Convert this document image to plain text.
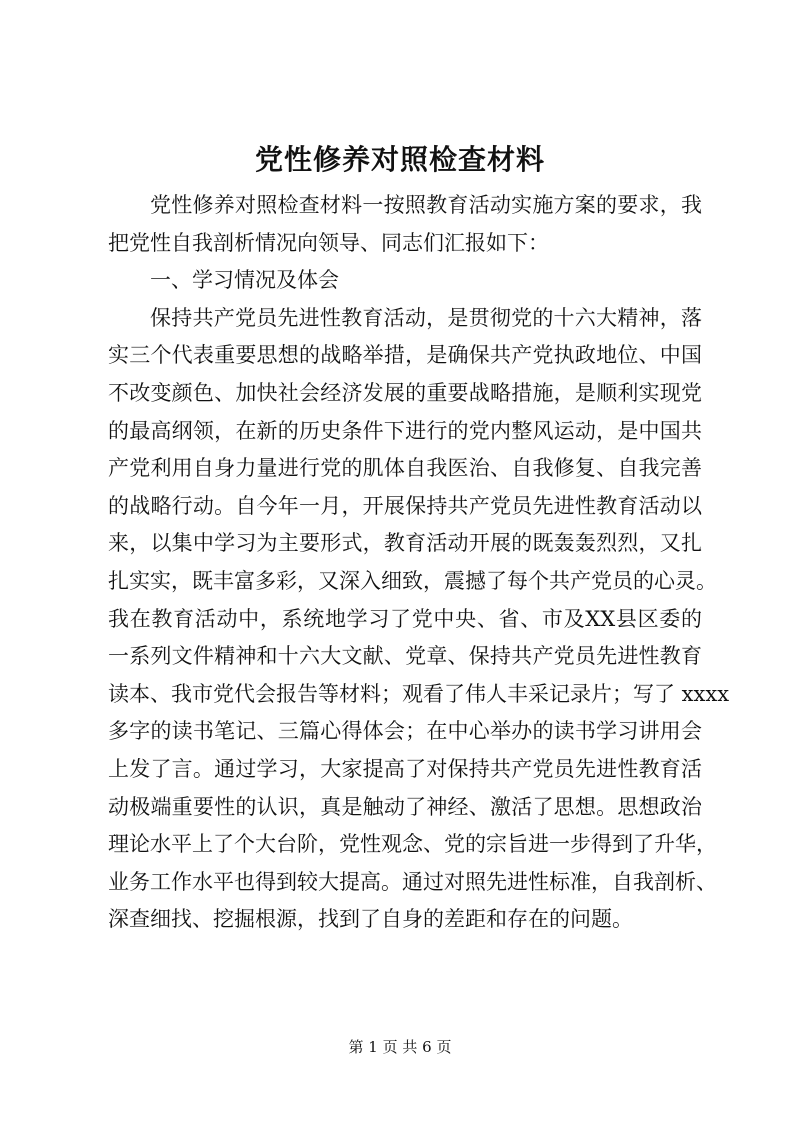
党性修养对照检查材料
党性修养对照检查材料一按照教育活动实施方案的要求，我
把党性自我剖析情况向领导、同志们汇报如下：
一、学习情况及体会
保持共产党员先进性教育活动，是贯彻党的十六大精神，落
实三个代表重要思想的战略举措，是确保共产党执政地位、中国
不改变颜色、加快社会经济发展的重要战略措施，是顺利实现党
的最高纲领，在新的历史条件下进行的党内整风运动，是中国共
产党利用自身力量进行党的肌体自我医治、自我修复、自我完善
的战略行动。自今年一月，开展保持共产党员先进性教育活动以
来，以集中学习为主要形式，教育活动开展的既轰轰烈烈，又扎
扎实实，既丰富多彩，又深入细致，震撼了每个共产党员的心灵。
我在教育活动中，系统地学习了党中央、省、市及XX县区委的
一系列文件精神和十六大文献、党章、保持共产党员先进性教育
读本、我市党代会报告等材料；观看了伟人丰采记录片；写了 xxxx
多字的读书笔记、三篇心得体会；在中心举办的读书学习讲用会
上发了言。通过学习，大家提高了对保持共产党员先进性教育活
动极端重要性的认识，真是触动了神经、激活了思想。思想政治
理论水平上了个大台阶，党性观念、党的宗旨进一步得到了升华，
业务工作水平也得到较大提高。通过对照先进性标准，自我剖析、
深查细找、挖掘根源，找到了自身的差距和存在的问题。
第 1 页 共 6 页
